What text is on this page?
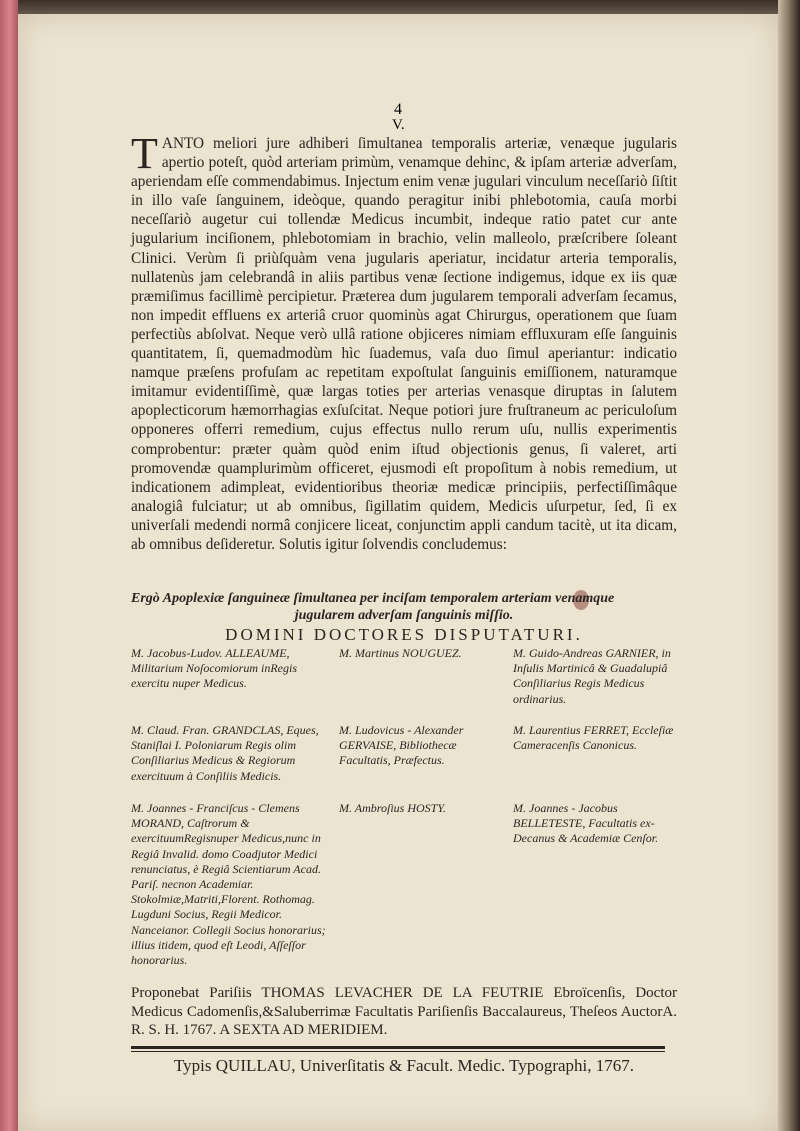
4
V.
TANTO meliori jure adhiberi ſimultanea temporalis arteriæ, venæque jugularis apertio poteſt, quòd arteriam primùm, venamque dehinc, & ipſam arteriæ adverſam, aperiendam eſſe commendabimus. Injectum enim venæ jugulari vinculum neceſſariò ſiſtit in illo vaſe ſanguinem, ideòque, quando peragitur inibi phlebotomia, cauſa morbi neceſſariò augetur cui tollendæ Medicus incumbit, indeque ratio patet cur ante jugularium inciſionem, phlebotomiam in brachio, velin malleolo, præſcribere ſoleant Clinici. Verùm ſi priùſquàm vena jugularis aperiatur, incidatur arteria temporalis, nullatenùs jam celebrandâ in aliis partibus venæ ſectione indigemus, idque ex iis quæ præmiſimus facillimè percipietur. Præterea dum jugularem temporali adverſam ſecamus, non impedit effluens ex arteriâ cruor quominùs agat Chirurgus, operationem que ſuam perfectiùs abſolvat. Neque verò ullâ ratione objiceres nimiam effluxuram eſſe ſanguinis quantitatem, ſi, quemadmodùm hìc ſuademus, vaſa duo ſimul aperiantur: indicatio namque præſens profuſam ac repetitam expoſtulat ſanguinis emiſſionem, naturamque imitamur evidentiſſimè, quæ largas toties per arterias venasque diruptas in ſalutem apoplecticorum hæmorrhagias exſuſcitat. Neque potiori jure fruſtraneum ac periculoſum opponeres offerri remedium, cujus effectus nullo rerum uſu, nullis experimentis comprobentur: præter quàm quòd enim iſtud objectionis genus, ſi valeret, arti promovendæ quamplurimùm officeret, ejusmodi eſt propoſitum à nobis remedium, ut indicationem adimpleat, evidentioribus theoriæ medicæ principiis, perfectiſſimâque analogiâ fulciatur; ut ab omnibus, ſigillatim quidem, Medicis uſurpetur, ſed, ſi ex univerſali medendi normâ conjicere liceat, conjunctim appli candum tacitè, ut ita dicam, ab omnibus deſideretur. Solutis igitur ſolvendis concludemus:
Ergò Apoplexiæ ſanguineæ ſimultanea per inciſam temporalem arteriam venamque
jugularem adverſam ſanguinis miſſio.
DOMINI DOCTORES DISPUTATURI.
M. Jacobus-Ludov. ALLEAUME, Militarium Noſocomiorum inRegis exercitu nuper Medicus.
M. Martinus NOUGUEZ.	M. Guido-Andreas GARNIER, in Inſulis Martinicâ & Guadalupiâ Conſiliarius Regis Medicus ordinarius.
M. Claud. Fran. GRANDCLAS, Eques, Staniſlai I. Poloniarum Regis olim Conſiliarius Medicus & Regiorum exercituum à Conſiliis Medicis.
M. Ludovicus - Alexander GERVAISE, Bibliothecæ Facultatis, Præfectus.
M. Laurentius FERRET, Eccleſiæ Cameracenſis Canonicus.
M. Joannes - Franciſcus - Clemens MORAND, Caſtrorum & exercituumRegisnuper Medicus,nunc in Regiâ Invalid. domo Coadjutor Medici renunciatus, è Regiâ Scientiarum Acad. Pariſ. necnon Academiar. Stokolmiæ,Matriti,Florent. Rothomag. Lugduni Socius, Regii Medicor. Nanceianor. Collegii Socius honorarius; illius itidem, quod eſt Leodi, Aſſeſſor honorarius.
M. Ambroſius HOSTY.	M. Joannes - Jacobus BELLETESTE, Facultatis ex-Decanus & Academiæ Cenſor.
Proponebat Pariſiis THOMAS LEVACHER DE LA FEUTRIE Ebroïcenſis, Doctor Medicus Cadomenſis,&Saluberrimæ Facultatis Pariſienſis Baccalaureus, Theſeos AuctorA. R. S. H. 1767. A SEXTA AD MERIDIEM.
Typis QUILLAU, Univerſitatis & Facult. Medic. Typographi, 1767.
